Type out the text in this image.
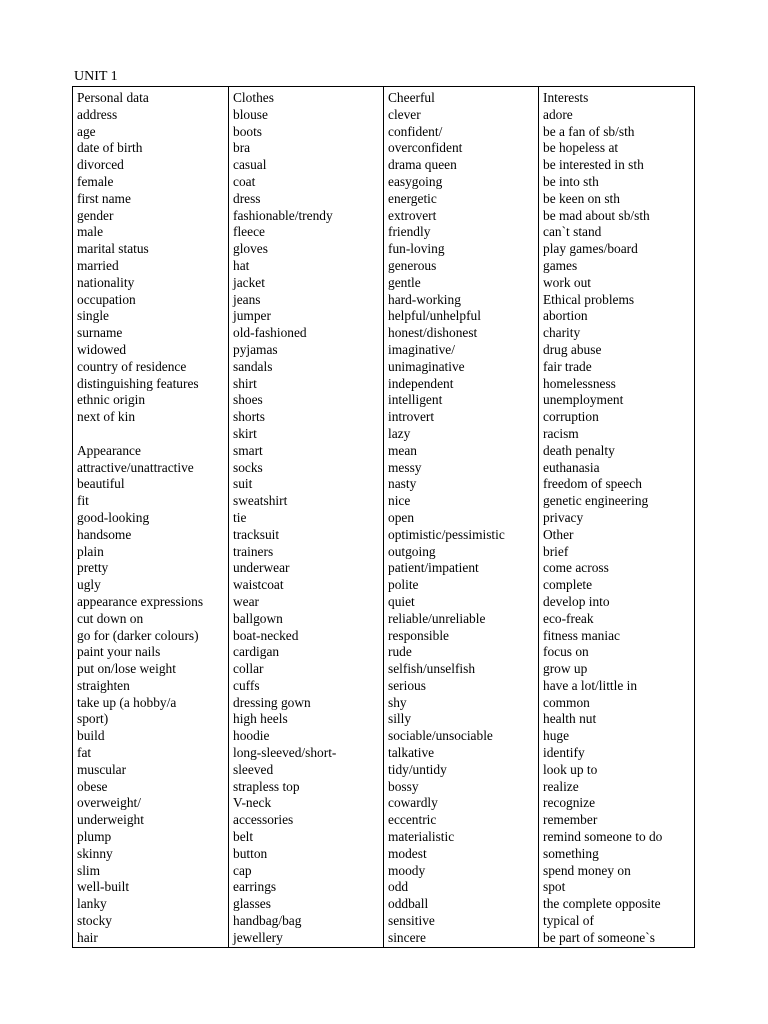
UNIT 1
Personal data
address
age
date of birth
divorced
female
first name
gender
male
marital status
married
nationality
occupation
single
surname
widowed
country of residence
distinguishing features
ethnic origin
next of kin
Appearance
attractive/unattractive
beautiful
fit
good-looking
handsome
plain
pretty
ugly
appearance expressions
cut down on
go for (darker colours)
paint your nails
put on/lose weight
straighten
take up (a hobby/a
sport)
build
fat
muscular
obese
overweight/
underweight
plump
skinny
slim
well-built
lanky
stocky
hair
Clothes
blouse
boots
bra
casual
coat
dress
fashionable/trendy
fleece
gloves
hat
jacket
jeans
jumper
old-fashioned
pyjamas
sandals
shirt
shoes
shorts
skirt
smart
socks
suit
sweatshirt
tie
tracksuit
trainers
underwear
waistcoat
wear
ballgown
boat-necked
cardigan
collar
cuffs
dressing gown
high heels
hoodie
long-sleeved/short-
sleeved
strapless top
V-neck
accessories
belt
button
cap
earrings
glasses
handbag/bag
jewellery
Cheerful
clever
confident/
overconfident
drama queen
easygoing
energetic
extrovert
friendly
fun-loving
generous
gentle
hard-working
helpful/unhelpful
honest/dishonest
imaginative/
unimaginative
independent
intelligent
introvert
lazy
mean
messy
nasty
nice
open
optimistic/pessimistic
outgoing
patient/impatient
polite
quiet
reliable/unreliable
responsible
rude
selfish/unselfish
serious
shy
silly
sociable/unsociable
talkative
tidy/untidy
bossy
cowardly
eccentric
materialistic
modest
moody
odd
oddball
sensitive
sincere
Interests
adore
be a fan of sb/sth
be hopeless at
be interested in sth
be into sth
be keen on sth
be mad about sb/sth
can`t stand
play games/board
games
work out
Ethical problems
abortion
charity
drug abuse
fair trade
homelessness
unemployment
corruption
racism
death penalty
euthanasia
freedom of speech
genetic engineering
privacy
Other
brief
come across
complete
develop into
eco-freak
fitness maniac
focus on
grow up
have a lot/little in
common
health nut
huge
identify
look up to
realize
recognize
remember
remind someone to do
something
spend money on
spot
the complete opposite
typical of
be part of someone`s
